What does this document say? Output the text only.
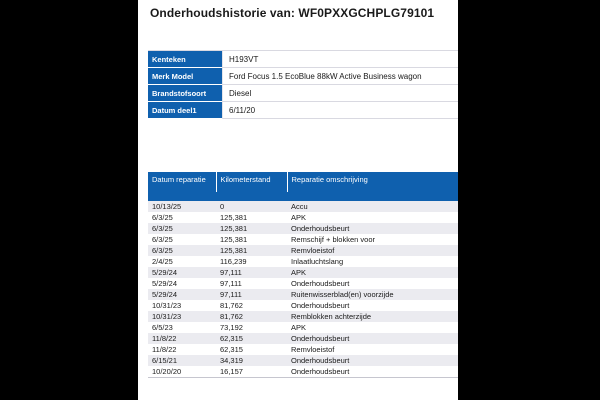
Onderhoudshistorie van: WF0PXXGCHPLG79101
Kenteken	H193VT
Merk Model	Ford Focus 1.5 EcoBlue 88kW Active Business wagon
Brandstofsoort	Diesel
Datum deel1	6/11/20
Datum reparatie	Kilometerstand	Reparatie omschrijving

10/13/25	0	Accu
6/3/25	125,381	APK
6/3/25	125,381	Onderhoudsbeurt
6/3/25	125,381	Remschijf + blokken voor
6/3/25	125,381	Remvloeistof
2/4/25	116,239	Inlaatluchtslang
5/29/24	97,111	APK
5/29/24	97,111	Onderhoudsbeurt
5/29/24	97,111	Ruitenwisserblad(en) voorzijde
10/31/23	81,762	Onderhoudsbeurt
10/31/23	81,762	Remblokken achterzijde
6/5/23	73,192	APK
11/8/22	62,315	Onderhoudsbeurt
11/8/22	62,315	Remvloeistof
6/15/21	34,319	Onderhoudsbeurt
10/20/20	16,157	Onderhoudsbeurt
